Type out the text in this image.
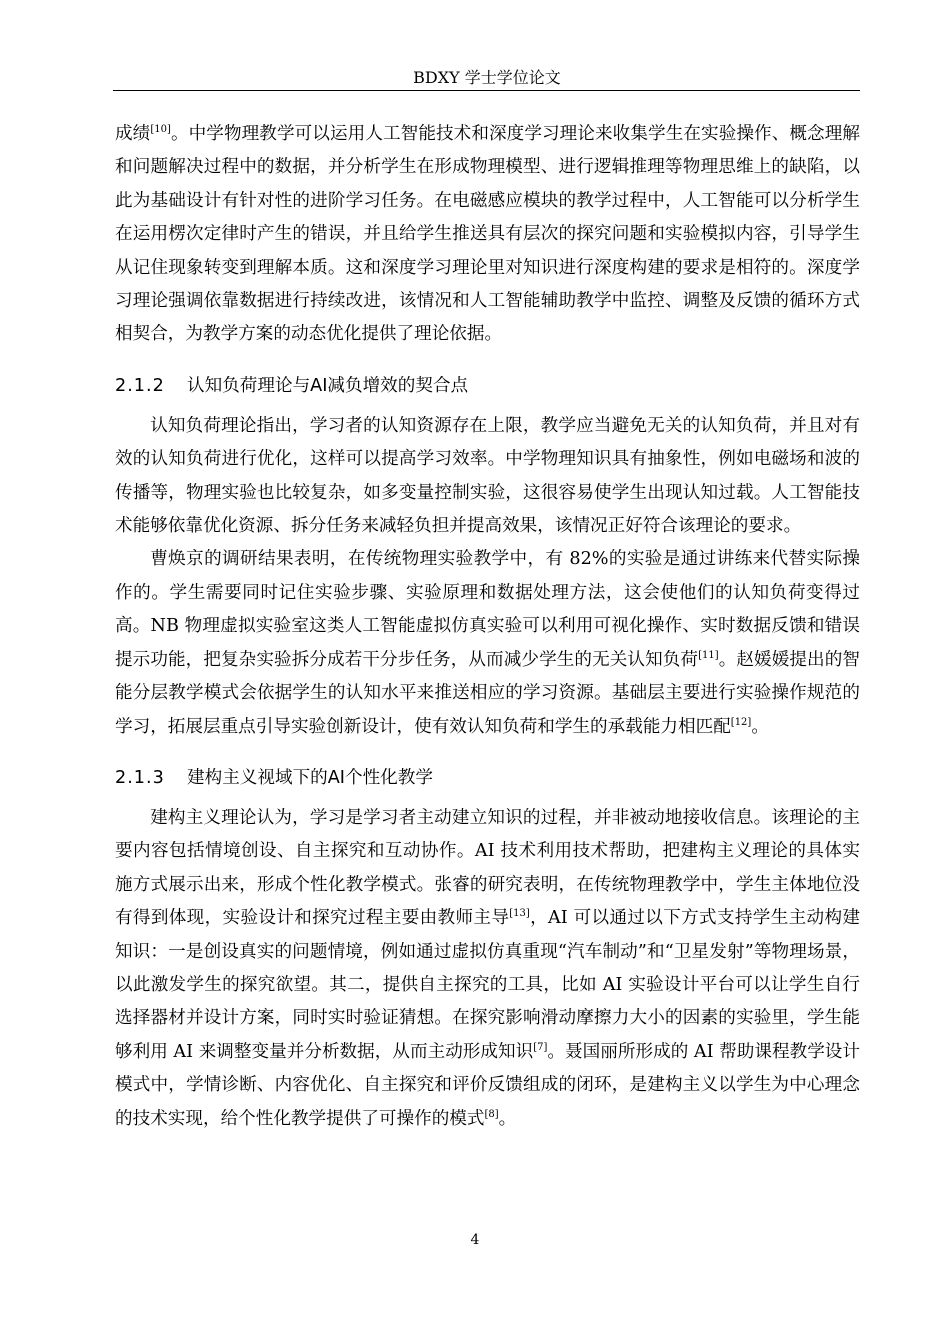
BDXY 学士学位论文

成绩[10]。中学物理教学可以运用人工智能技术和深度学习理论来收集学生在实验操作、概念理解和问题解决过程中的数据，并分析学生在形成物理模型、进行逻辑推理等物理思维上的缺陷，以此为基础设计有针对性的进阶学习任务。在电磁感应模块的教学过程中，人工智能可以分析学生在运用楞次定律时产生的错误，并且给学生推送具有层次的探究问题和实验模拟内容，引导学生从记住现象转变到理解本质。这和深度学习理论里对知识进行深度构建的要求是相符的。深度学习理论强调依靠数据进行持续改进，该情况和人工智能辅助教学中监控、调整及反馈的循环方式相契合，为教学方案的动态优化提供了理论依据。

2.1.2 认知负荷理论与AI减负增效的契合点

认知负荷理论指出，学习者的认知资源存在上限，教学应当避免无关的认知负荷，并且对有效的认知负荷进行优化，这样可以提高学习效率。中学物理知识具有抽象性，例如电磁场和波的传播等，物理实验也比较复杂，如多变量控制实验，这很容易使学生出现认知过载。人工智能技术能够依靠优化资源、拆分任务来减轻负担并提高效果，该情况正好符合该理论的要求。

曹焕京的调研结果表明，在传统物理实验教学中，有 82%的实验是通过讲练来代替实际操作的。学生需要同时记住实验步骤、实验原理和数据处理方法，这会使他们的认知负荷变得过高。NB 物理虚拟实验室这类人工智能虚拟仿真实验可以利用可视化操作、实时数据反馈和错误提示功能，把复杂实验拆分成若干分步任务，从而减少学生的无关认知负荷[11]。赵媛媛提出的智能分层教学模式会依据学生的认知水平来推送相应的学习资源。基础层主要进行实验操作规范的学习，拓展层重点引导实验创新设计，使有效认知负荷和学生的承载能力相匹配[12]。

2.1.3 建构主义视域下的AI个性化教学

建构主义理论认为，学习是学习者主动建立知识的过程，并非被动地接收信息。该理论的主要内容包括情境创设、自主探究和互动协作。AI 技术利用技术帮助，把建构主义理论的具体实施方式展示出来，形成个性化教学模式。张睿的研究表明，在传统物理教学中，学生主体地位没有得到体现，实验设计和探究过程主要由教师主导[13]，AI 可以通过以下方式支持学生主动构建知识：一是创设真实的问题情境，例如通过虚拟仿真重现“汽车制动”和“卫星发射”等物理场景，以此激发学生的探究欲望。其二，提供自主探究的工具，比如 AI 实验设计平台可以让学生自行选择器材并设计方案，同时实时验证猜想。在探究影响滑动摩擦力大小的因素的实验里，学生能够利用 AI 来调整变量并分析数据，从而主动形成知识[7]。聂国丽所形成的 AI 帮助课程教学设计模式中，学情诊断、内容优化、自主探究和评价反馈组成的闭环，是建构主义以学生为中心理念的技术实现，给个性化教学提供了可操作的模式[8]。

4
